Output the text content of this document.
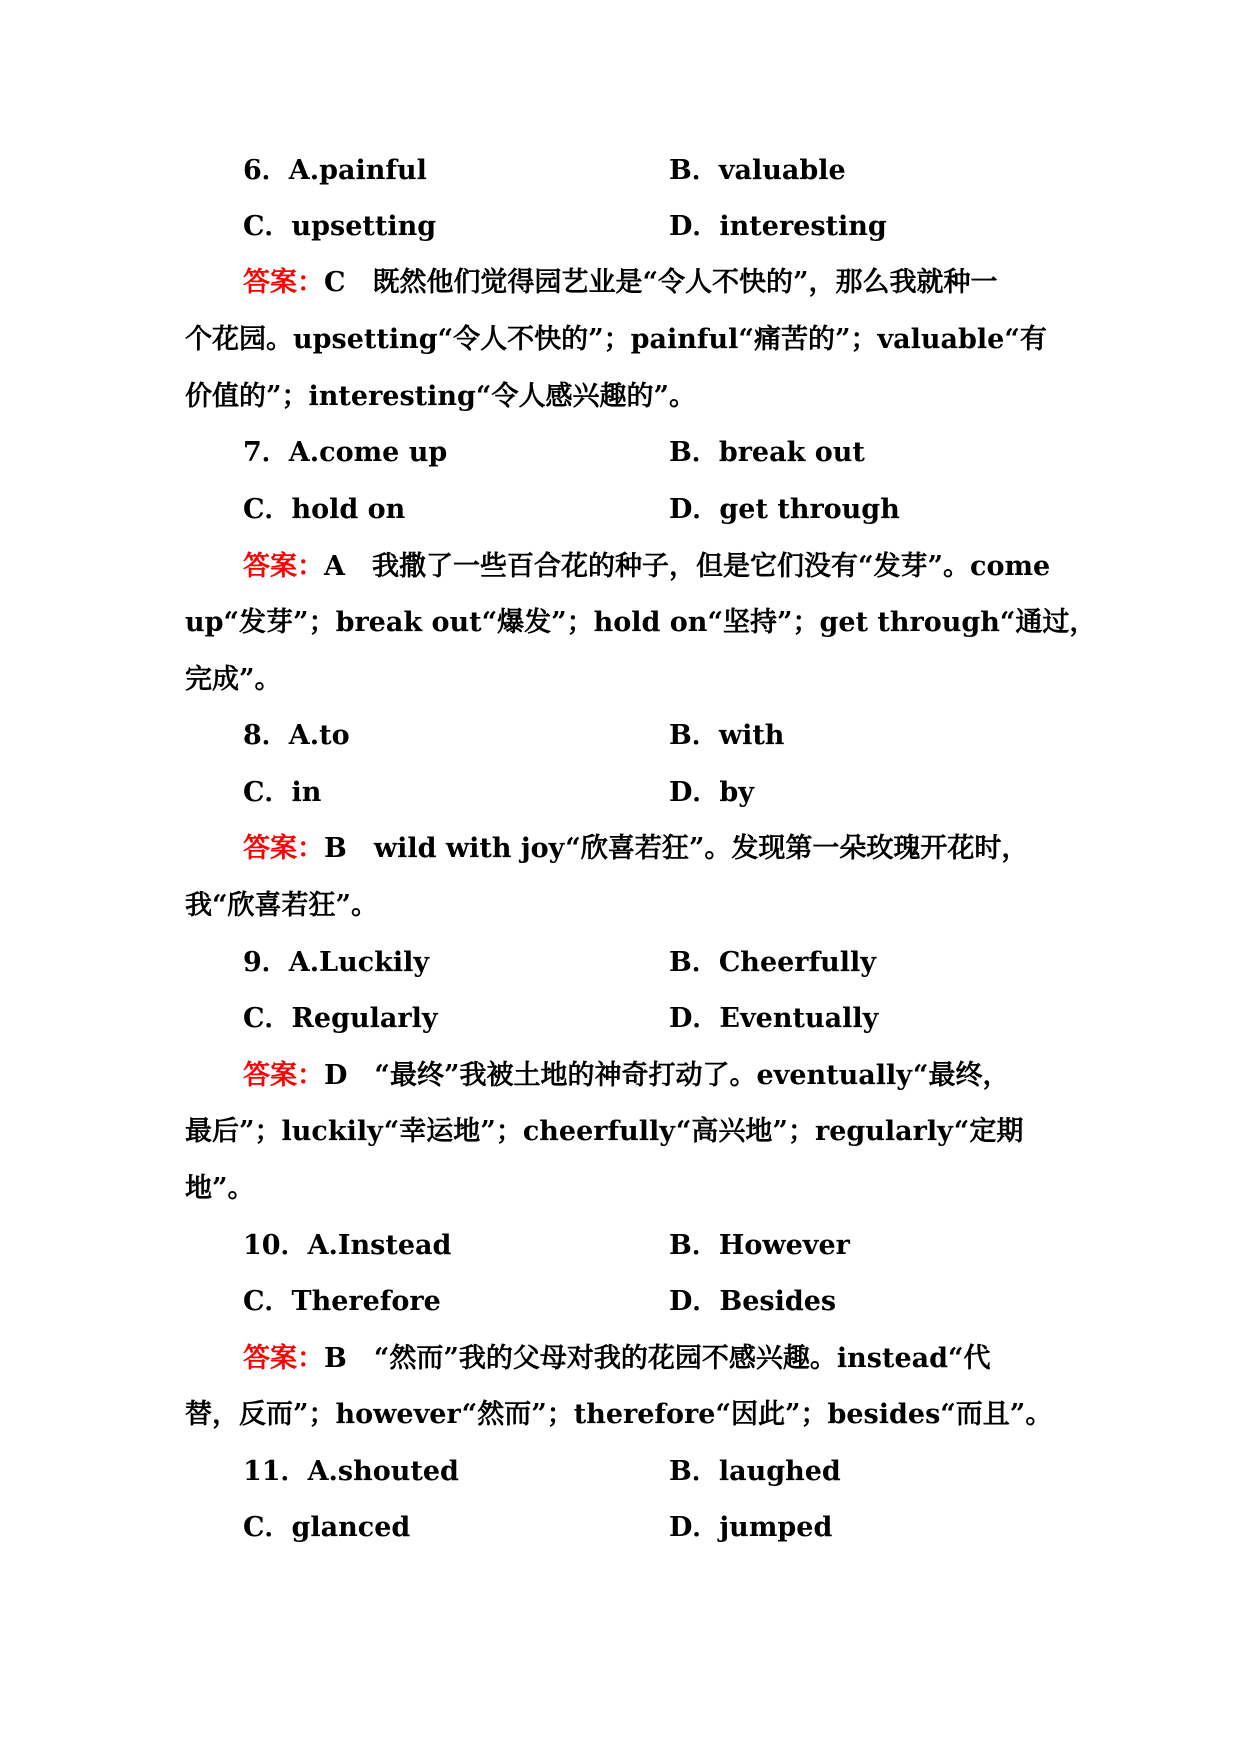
6．A.painful	B．valuable
C．upsetting	D．interesting
答案：C　既然他们觉得园艺业是“令人不快的”，那么我就种一
个花园。upsetting“令人不快的”；painful“痛苦的”；valuable“有
价值的”；interesting“令人感兴趣的”。
7．A.come up	B．break out
C．hold on	D．get through
答案：A　我撒了一些百合花的种子，但是它们没有“发芽”。come
up“发芽”；break out“爆发”；hold on“坚持”；get through“通过，
完成”。
8．A.to	B．with
C．in	D．by
答案：B　wild with joy“欣喜若狂”。发现第一朵玫瑰开花时，
我“欣喜若狂”。
9．A.Luckily	B．Cheerfully
C．Regularly	D．Eventually
答案：D　“最终”我被土地的神奇打动了。eventually“最终，
最后”；luckily“幸运地”；cheerfully“高兴地”；regularly“定期
地”。
10．A.Instead	B．However
C．Therefore	D．Besides
答案：B　“然而”我的父母对我的花园不感兴趣。instead“代
替，反而”；however“然而”；therefore“因此”；besides“而且”。
11．A.shouted	B．laughed
C．glanced	D．jumped
